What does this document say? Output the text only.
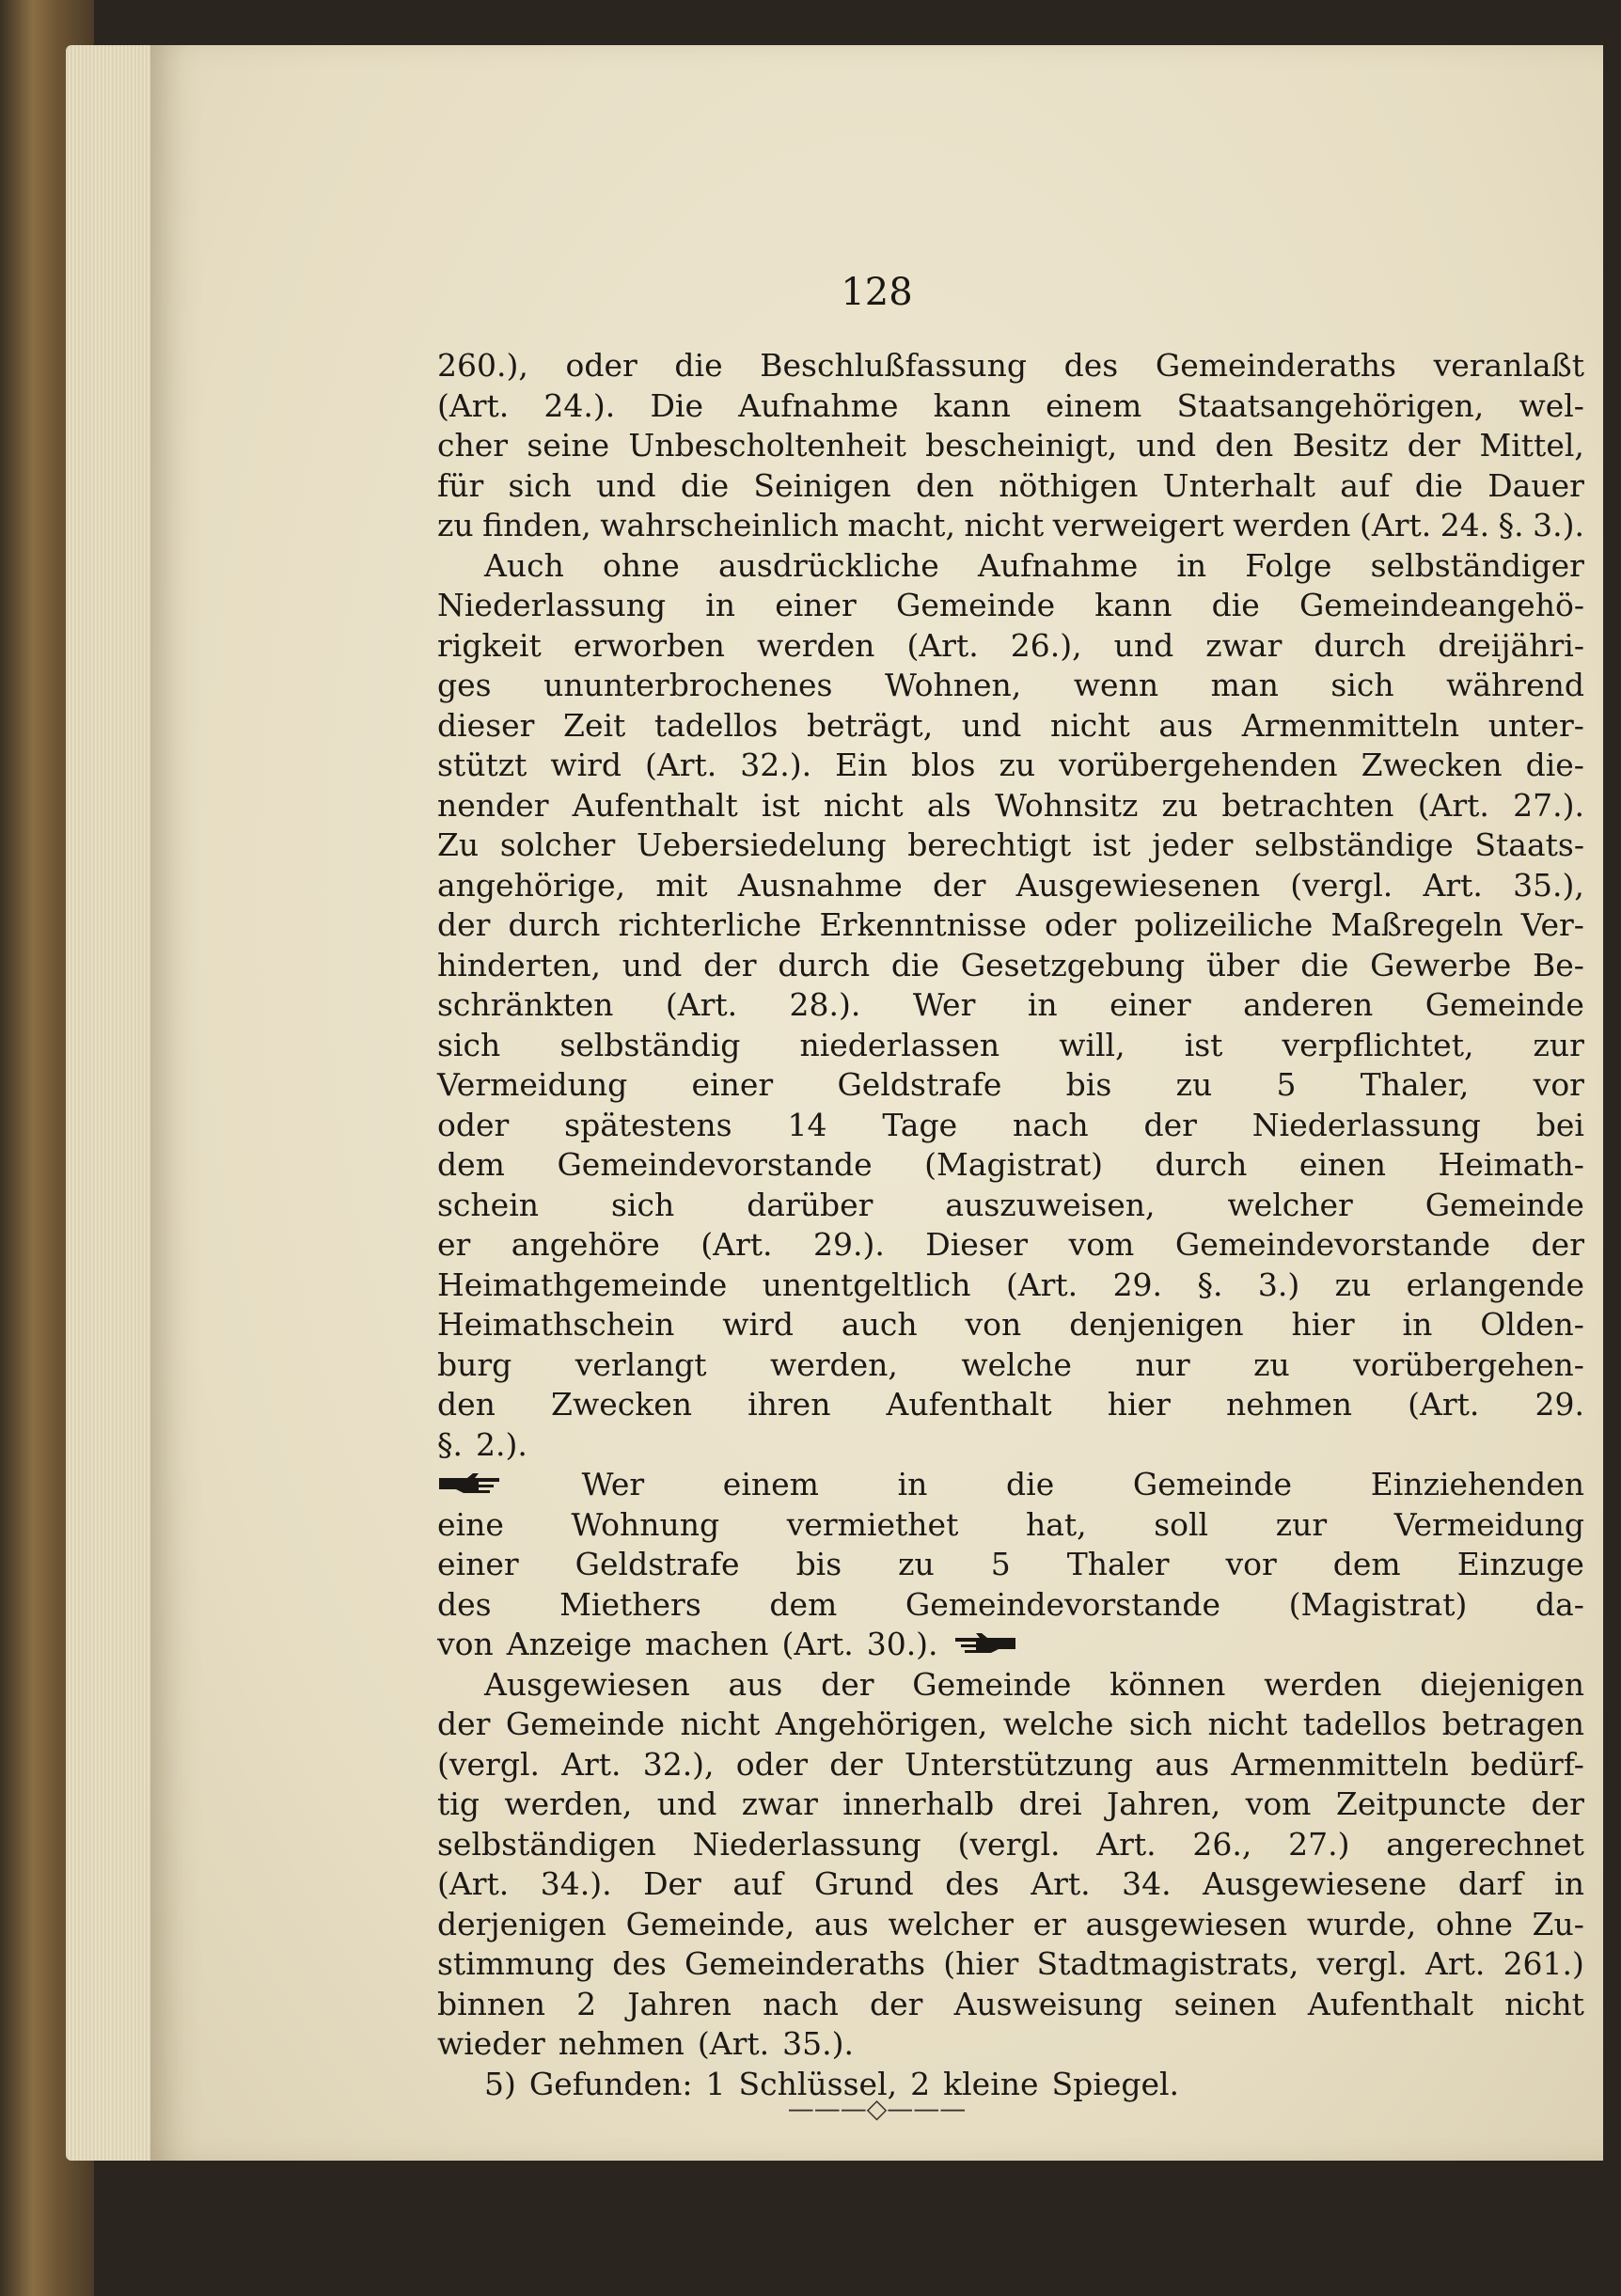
128
260.), oder die Beschlußfassung des Gemeinderaths veranlaßt
(Art. 24.). Die Aufnahme kann einem Staatsangehörigen, wel-
cher seine Unbescholtenheit bescheinigt, und den Besitz der Mittel,
für sich und die Seinigen den nöthigen Unterhalt auf die Dauer
zu finden, wahrscheinlich macht, nicht verweigert werden (Art. 24. §. 3.).
Auch ohne ausdrückliche Aufnahme in Folge selbständiger
Niederlassung in einer Gemeinde kann die Gemeindeangehö-
rigkeit erworben werden (Art. 26.), und zwar durch dreijähri-
ges ununterbrochenes Wohnen, wenn man sich während
dieser Zeit tadellos beträgt, und nicht aus Armenmitteln unter-
stützt wird (Art. 32.). Ein blos zu vorübergehenden Zwecken die-
nender Aufenthalt ist nicht als Wohnsitz zu betrachten (Art. 27.).
Zu solcher Uebersiedelung berechtigt ist jeder selbständige Staats-
angehörige, mit Ausnahme der Ausgewiesenen (vergl. Art. 35.),
der durch richterliche Erkenntnisse oder polizeiliche Maßregeln Ver-
hinderten, und der durch die Gesetzgebung über die Gewerbe Be-
schränkten (Art. 28.). Wer in einer anderen Gemeinde
sich selbständig niederlassen will, ist verpflichtet, zur
Vermeidung einer Geldstrafe bis zu 5 Thaler, vor
oder spätestens 14 Tage nach der Niederlassung bei
dem Gemeindevorstande (Magistrat) durch einen Heimath-
schein sich darüber auszuweisen, welcher Gemeinde
er angehöre (Art. 29.). Dieser vom Gemeindevorstande der
Heimathgemeinde unentgeltlich (Art. 29. §. 3.) zu erlangende
Heimathschein wird auch von denjenigen hier in Olden-
burg verlangt werden, welche nur zu vorübergehen-
den Zwecken ihren Aufenthalt hier nehmen (Art. 29.
§. 2.).
Wer	einem	in	die	Gemeinde	Einziehenden
eine Wohnung vermiethet hat, soll zur Vermeidung
einer Geldstrafe bis zu 5 Thaler vor dem Einzuge
des Miethers dem Gemeindevorstande (Magistrat) da-
von Anzeige machen (Art. 30.).
Ausgewiesen aus der Gemeinde können werden diejenigen
der Gemeinde nicht Angehörigen, welche sich nicht tadellos betragen
(vergl. Art. 32.), oder der Unterstützung aus Armenmitteln bedürf-
tig werden, und zwar innerhalb drei Jahren, vom Zeitpuncte der
selbständigen Niederlassung (vergl. Art. 26., 27.) angerechnet
(Art. 34.). Der auf Grund des Art. 34. Ausgewiesene darf in
derjenigen Gemeinde, aus welcher er ausgewiesen wurde, ohne Zu-
stimmung des Gemeinderaths (hier Stadtmagistrats, vergl. Art. 261.)
binnen 2 Jahren nach der Ausweisung seinen Aufenthalt nicht
wieder nehmen (Art. 35.).
5) Gefunden: 1 Schlüssel, 2 kleine Spiegel.
———◇———
